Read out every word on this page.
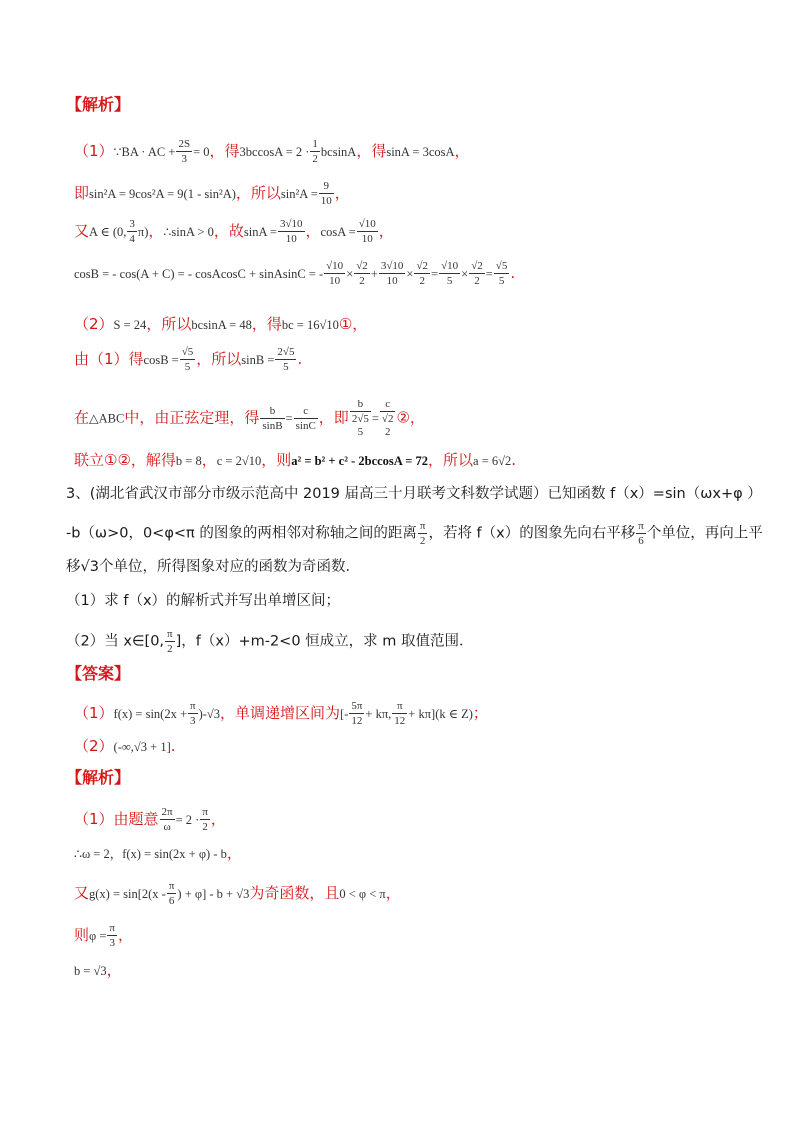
【解析】
（1）∵BA · AC + $\frac{2S}{3} = 0$，得$3bccosA = 2 \cdot \frac{1}{2}$ bcsinA，得sinA = 3cosA，
即sin²A = 9cos²A = 9(1 - sin²A)，所以$\sin^2A = \frac{9}{10}$ ，
又A ∈ (0, $\frac{3}{4} \pi$)，∴sinA > 0，故$\sin A = \frac{3√10}{10}$ ，$\cos A = \frac{√10}{10}$ ，
cosB = - cos(A + C) = - cosAcosC + sinAsinC = - $\frac{√10}{10} \times \frac{√2}{2} + \frac{3√10}{10} \times \frac{√2}{2} = \frac{√10}{5} \times \frac{√2}{2} = \frac{√5}{5}$ .
（2）S = 24，所以bcsinA = 48，得bc = 16√10①，
由（1）得$\cos B = \frac{√5}{5}$ ，所以$\sin B = \frac{2√5}{5}$ .
在△ABC中，由正弦定理，得 $\frac{b}{\sin B} = \frac{c}{\sin C}$ ，即
b
2√5
5
=
c
√2
2
②，
联立①②，解得b = 8，c = 2√10，则a² = b² + c² - 2bccosA = 72，所以a = 6√2.
3、(湖北省武汉市部分市级示范高中 2019 届高三十月联考文科数学试题）已知函数 f（x）=sin（ωx+φ ）
-b（ω>0，0<φ<π 的图象的两相邻对称轴之间的距离 $\frac{\pi}{2}$ ，若将 f（x）的图象先向右平移 $\frac{\pi}{6}$ 个单位，再向上平
移√3个单位，所得图象对应的函数为奇函数．
（1）求 f（x）的解析式并写出单增区间；
（2）当 x∈[0, $\frac{\pi}{2}$ ]，f（x）+m-2<0 恒成立，求 m 取值范围．
【答案】
$(1)f(x) = \sin(2x + \frac{\pi}{3} )-√3$，单调递增区间为[- $\frac{5\pi}{12} + k\pi$, $\frac{\pi}{12} + k\pi](k$ ∈ Z)；
（2）(-∞,√3 + 1].
【解析】
（1）由题意 $\frac{2\pi}{\omega} = 2 \cdot \frac{\pi}{2}$ ，
∴ω = 2，f(x) = sin(2x + φ) - b，
又$g(x) = \sin[2(x - \frac{\pi}{6}$ ) + φ] - b + √3为奇函数，且0 < φ < π，
则$\varphi = \frac{\pi}{3}$ ，
b = √3，
